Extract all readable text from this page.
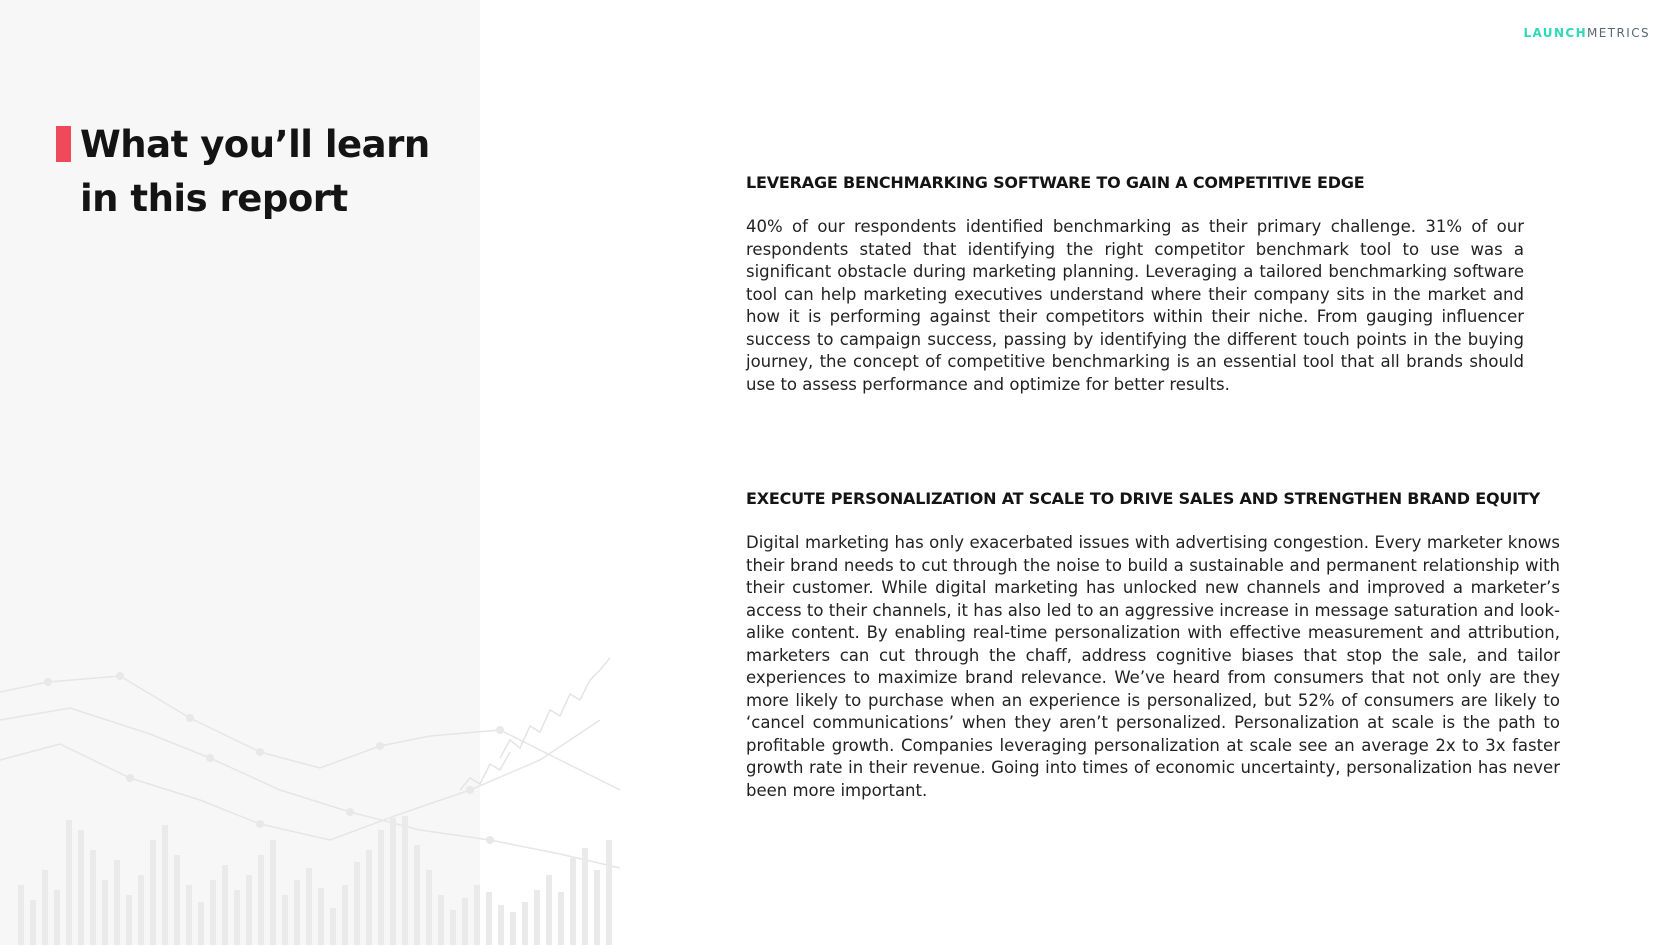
What you’ll learn in this report
LAUNCHMETRICS
LEVERAGE BENCHMARKING SOFTWARE TO GAIN A COMPETITIVE EDGE

40% of our respondents identified benchmarking as their primary challenge. 31% of our respondents stated that identifying the right competitor benchmark tool to use was a significant obstacle during marketing planning. Leveraging a tailored benchmarking software tool can help marketing executives understand where their company sits in the market and how it is performing against their competitors within their niche. From gauging influencer success to campaign success, passing by identifying the different touch points in the buying journey, the concept of competitive benchmarking is an essential tool that all brands should use to assess performance and optimize for better results.

EXECUTE PERSONALIZATION AT SCALE TO DRIVE SALES AND STRENGTHEN BRAND EQUITY

Digital marketing has only exacerbated issues with advertising congestion. Every marketer knows their brand needs to cut through the noise to build a sustainable and permanent relationship with their customer. While digital marketing has unlocked new channels and improved a marketer’s access to their channels, it has also led to an aggressive increase in message saturation and look-alike content. By enabling real-time personalization with effective measurement and attribution, marketers can cut through the chaff, address cognitive biases that stop the sale, and tailor experiences to maximize brand relevance. We’ve heard from consumers that not only are they more likely to purchase when an experience is personalized, but 52% of consumers are likely to ‘cancel communications’ when they aren’t personalized. Personalization at scale is the path to profitable growth. Companies leveraging personalization at scale see an average 2x to 3x faster growth rate in their revenue. Going into times of economic uncertainty, personalization has never been more important.
